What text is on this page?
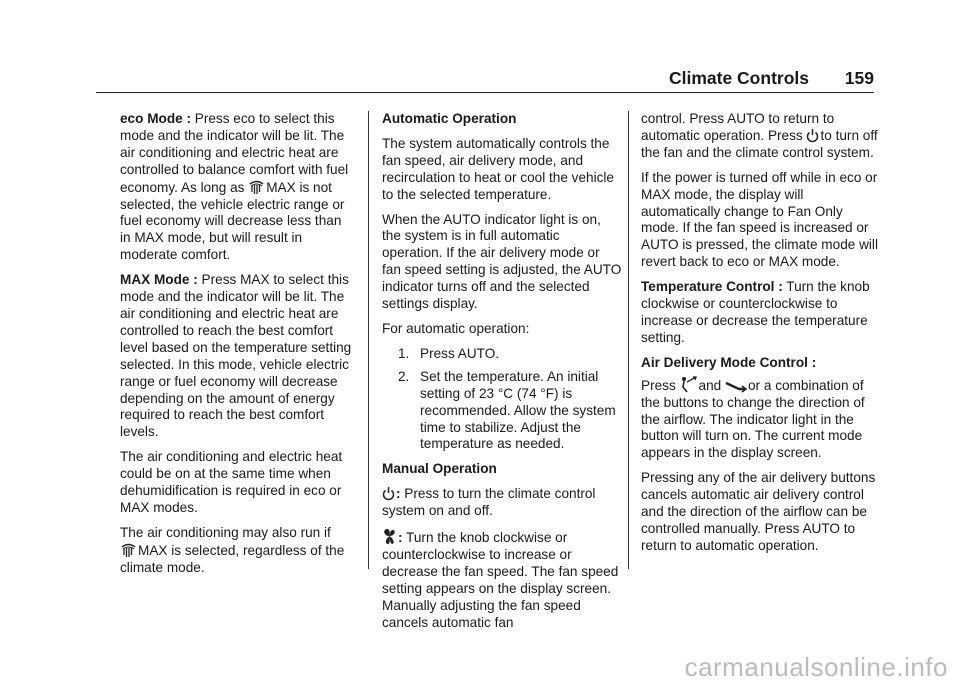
Climate Controls 159

eco Mode : Press eco to select this mode and the indicator will be lit. The air conditioning and electric heat are controlled to balance comfort with fuel economy. As long as
MAX is not selected, the vehicle electric range or fuel economy will decrease less than in MAX mode, but will result in moderate comfort.

MAX Mode : Press MAX to select this mode and the indicator will be lit. The air conditioning and electric heat are controlled to reach the best comfort level based on the temperature setting selected. In this mode, vehicle electric range or fuel economy will decrease depending on the amount of energy required to reach the best comfort levels.

The air conditioning and electric heat could be on at the same time when dehumidification is required in eco or MAX modes.

The air conditioning may also run if
MAX is selected, regardless of the climate mode.

Automatic Operation

The system automatically controls the fan speed, air delivery mode, and recirculation to heat or cool the vehicle to the selected temperature.

When the AUTO indicator light is on, the system is in full automatic operation. If the air delivery mode or fan speed setting is adjusted, the AUTO indicator turns off and the selected settings display.

For automatic operation:

1. Press AUTO.
2. Set the temperature. An initial setting of 23 °C (74 °F) is recommended. Allow the system time to stabilize. Adjust the temperature as needed.
Manual Operation

: Press to turn the climate control system on and off.

: Turn the knob clockwise or counterclockwise to increase or decrease the fan speed. The fan speed setting appears on the display screen. Manually adjusting the fan speed cancels automatic fan

control. Press AUTO to return to automatic operation. Press
to turn off the fan and the climate control system.

If the power is turned off while in eco or MAX mode, the display will automatically change to Fan Only mode. If the fan speed is increased or AUTO is pressed, the climate mode will revert back to eco or MAX mode.

Temperature Control : Turn the knob clockwise or counterclockwise to increase or decrease the temperature setting.

Air Delivery Mode Control :

Press
and
or a combination of the buttons to change the direction of the airflow. The indicator light in the button will turn on. The current mode appears in the display screen.

Pressing any of the air delivery buttons cancels automatic air delivery control and the direction of the airflow can be controlled manually. Press AUTO to return to automatic operation.

carmanualsonline.info
